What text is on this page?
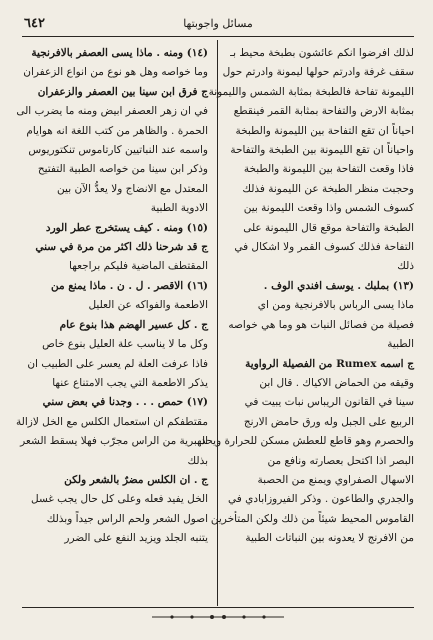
٦٤٢	مسائل واجوبتها
لذلك افرضوا انكم عائشون بطبخة محيط بـ
سقف غرفة وادرتم حولها ليمونة وادرتم حول
الليمونة تفاحة فالطبخة بمثابة الشمس والليمونة
بمثابة الارض والتفاحة بمثابة القمر فينقطع
احياناً ان تقع التفاحة بين الليمونة والطبخة
واحياناً ان تقع الليمونة بين الطبخة والتفاحة
فاذا وقعت التفاحة بين الليمونة والطبخة
وحجبت منظر الطبخة عن الليمونة فذلك
كسوف الشمس واذا وقعت الليمونة بين
الطبخة والتفاحة موقع قال الليمونة على
التفاحة فذلك كسوف القمر ولا اشكال في
ذلك
(١٣) بملبك . يوسف افندي الوف .
ماذا يسى الرباس بالافرنجية ومن اي
فصيلة من فصائل النبات هو وما هي خواصه
الطبية
ج اسمه Rumex من الفصيلة الرواوية
وقيقه من الحماض الاكياك . قال ابن
سينا في القانون الريباس نبات يبيت في
الربيع على الجبل وله ورق حامض الارنج
والحصرم وهو قاطع للعطش مسكن للحرارة ويحد
البصر اذا اكتحل بعصارته ونافع من
الاسهال الصفراوي ويمنع من الحصبة
والجدري والطاعون . وذكر الفيروزابادي في
القاموس المحيط شيئاً من ذلك ولكن المتأخرين
من الافرنج لا يعدونه بين النباتات الطبية
(١٤) ومنه . ماذا يسى العصفر بالافرنجية
وما خواصه وهل هو نوع من انواع الزعفران
ج فرق ابن سينا بين العصفر والزعفران
في ان زهر العصفر ابيض ومنه ما يضرب الى
الحمرة . والظاهر من كتب اللغة انه هوايام
واسمه عند النباتيين كارتاموس تنكتوريوس
وذكر ابن سينا من خواصه الطبية التفتيح
المعتدل مع الانضاج ولا يعدُّ الآن بين
الادوية الطبية
(١٥) ومنه . كيف يستخرج عطر الورد
ج قد شرحنا ذلك اكثر من مرة في سني
المقتطف الماضية فليكم براجعها
(١٦) الاقصر . ل . ن . ماذا يمنع من
الاطعمة والفواكه عن العليل
ج . كل عسير الهضم هذا بنوع عام
وكل ما لا يناسب علة العليل بنوع خاص
فاذا عرفت العلة لم يعسر على الطبيب ان
يذكر الاطعمة التي يجب الامتناع عنها
(١٧) حمص . . . وجدنا في بعض سني
مقتطفكم ان استعمال الكلس مع الخل لازالة
الهبرية من الراس مجرّب فهلا يسقط الشعر
بذلك
ج . ان الكلس مضرٌ بالشعر ولكن
الخل يفيد فعله وعلى كل حال يجب غسل
اصول الشعر ولحم الراس جيداً وبذلك
يتنبه الجلد ويزيد النفع على الضرر
